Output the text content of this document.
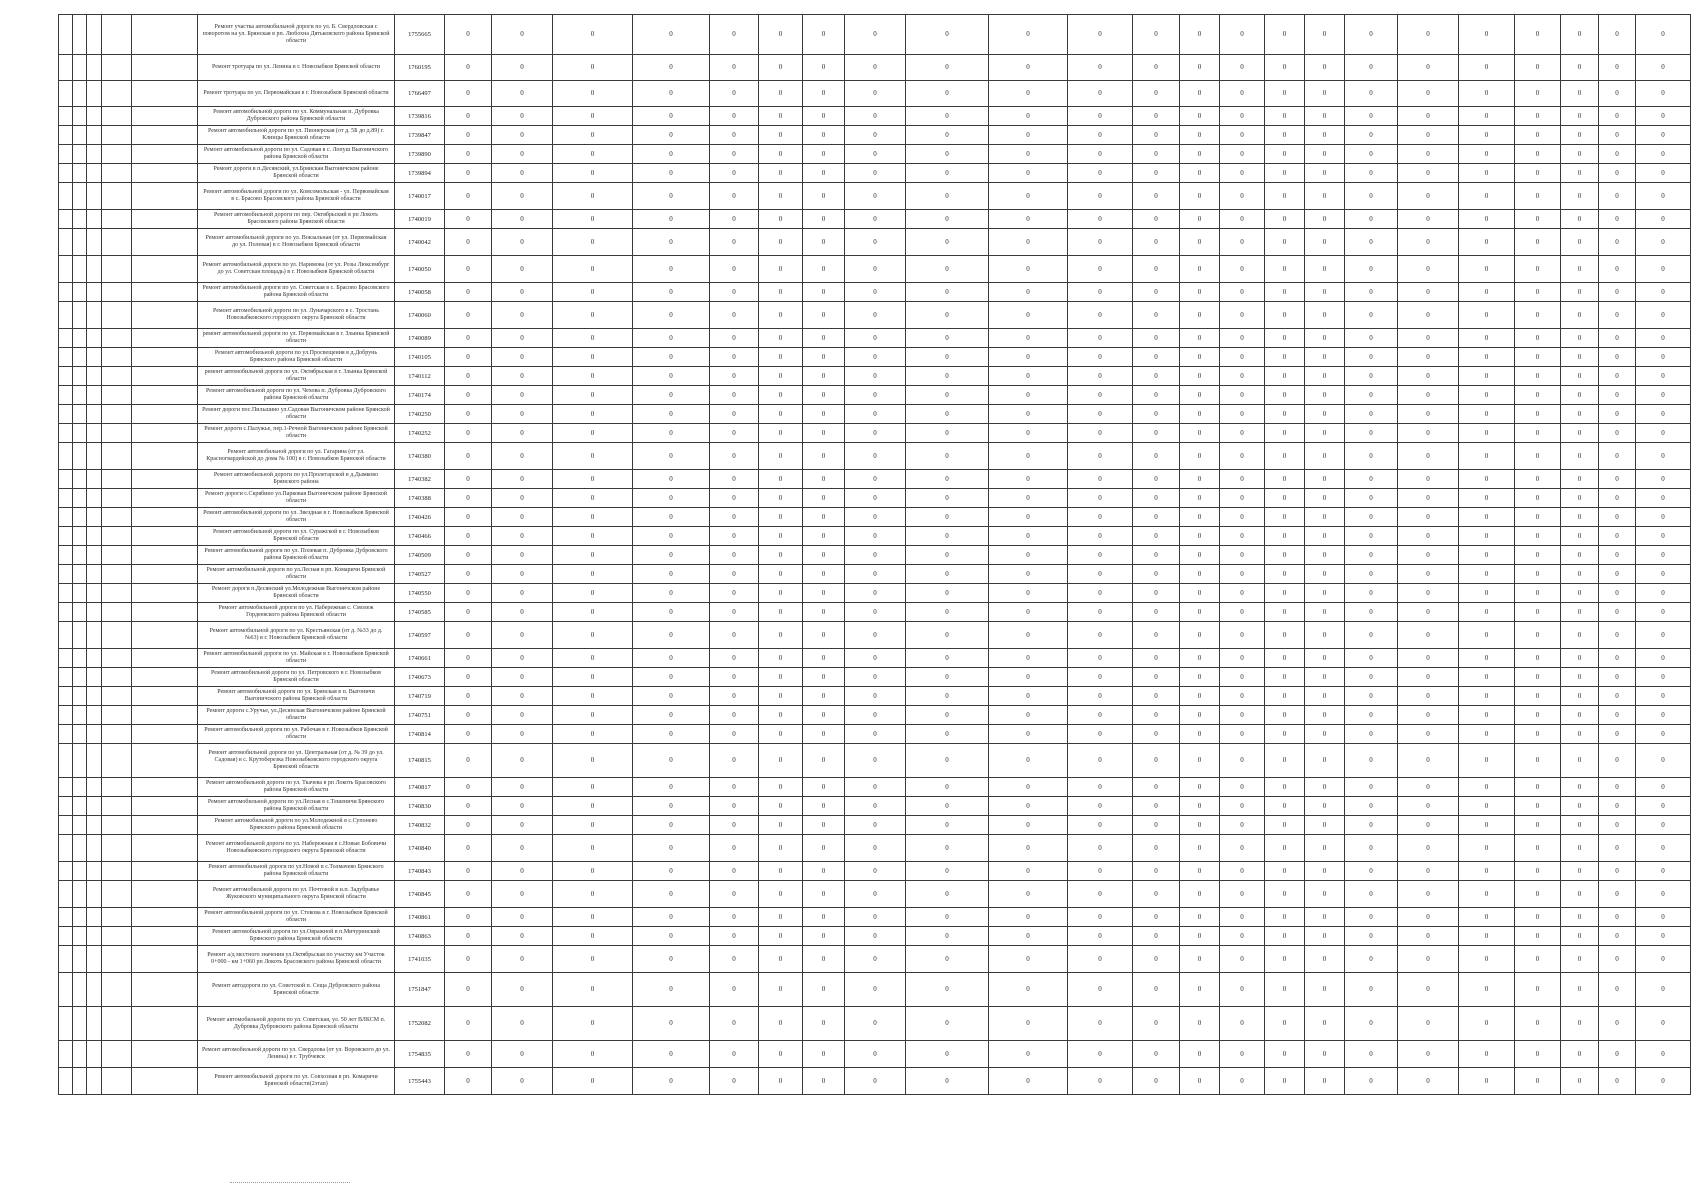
					Ремонт участка автомобильной дороги по ул. Б. Свердловская с поворотом на ул. Брянская в рп. Любохна Дятьковского района Брянской области	1755665	0	0	0	0	0	0	0	0	0	0	0	0	0	0	0	0	0	0	0	0	0	0	0
					Ремонт тротуара по ул. Ленина в г. Новозыбков Брянской области	1760195	0	0	0	0	0	0	0	0	0	0	0	0	0	0	0	0	0	0	0	0	0	0	0
					Ремонт тротуара по ул. Первомайская в г. Новозыбков Брянской области	1766497	0	0	0	0	0	0	0	0	0	0	0	0	0	0	0	0	0	0	0	0	0	0	0
					Ремонт автомобильной дороги по ул. Коммунальная п. Дубровка Дубровского района Брянской области	1739816	0	0	0	0	0	0	0	0	0	0	0	0	0	0	0	0	0	0	0	0	0	0	0
					Ремонт автомобильной дороги по ул. Пионерская (от д. 5Б до д.89) г. Клинцы Брянской области	1739847	0	0	0	0	0	0	0	0	0	0	0	0	0	0	0	0	0	0	0	0	0	0	0
					Ремонт автомобильной дороги по ул. Садовая в с. Лопуш Выгоничского района Брянской области	1739890	0	0	0	0	0	0	0	0	0	0	0	0	0	0	0	0	0	0	0	0	0	0	0
					Ремонт дороги в п.Десянский, ул.Брянская Выгоничском районе Брянской области	1739894	0	0	0	0	0	0	0	0	0	0	0	0	0	0	0	0	0	0	0	0	0	0	0
					Ремонт автомобильной дороги по ул. Комсомольская - ул. Первомайская в с. Брасово Брасовского района Брянской области	1740017	0	0	0	0	0	0	0	0	0	0	0	0	0	0	0	0	0	0	0	0	0	0	0
					Ремонт автомобильной дороги по пер. Октябрьский в рп Локоть Брасовского района Брянской области	1740019	0	0	0	0	0	0	0	0	0	0	0	0	0	0	0	0	0	0	0	0	0	0	0
					Ремонт автомобильной дороги по ул. Вокзальная (от ул. Первомайская до ул. Полевая) в г. Новозыбков Брянской области	1740042	0	0	0	0	0	0	0	0	0	0	0	0	0	0	0	0	0	0	0	0	0	0	0
					Ремонт автомобильной дороги по ул. Наримова (от ул. Розы Люксембург до ул. Советская площадь) в г. Новозыбков Брянской области	1740050	0	0	0	0	0	0	0	0	0	0	0	0	0	0	0	0	0	0	0	0	0	0	0
					Ремонт автомобильной дороги по ул. Советская в с. Брасово Брасовского района Брянской области	1740058	0	0	0	0	0	0	0	0	0	0	0	0	0	0	0	0	0	0	0	0	0	0	0
					Ремонт автомобильной дороги по ул. Луначарского в с. Тростань Новозыбковского городского округа Брянской области	1740060	0	0	0	0	0	0	0	0	0	0	0	0	0	0	0	0	0	0	0	0	0	0	0
					ремонт автомобильной дороги по ул. Первомайская в г. Злынка Брянской области	1740089	0	0	0	0	0	0	0	0	0	0	0	0	0	0	0	0	0	0	0	0	0	0	0
					Ремонт автомобильной дороги по ул.Просвещения в д.Добрунь Брянского района Брянской области	1740105	0	0	0	0	0	0	0	0	0	0	0	0	0	0	0	0	0	0	0	0	0	0	0
					ремонт автомобильной дороги по ул. Октябрьская в г. Злынка Брянской области	1740112	0	0	0	0	0	0	0	0	0	0	0	0	0	0	0	0	0	0	0	0	0	0	0
					Ремонт автомобильной дороги по ул. Чехова п. Дубровка Дубровского района Брянской области	1740174	0	0	0	0	0	0	0	0	0	0	0	0	0	0	0	0	0	0	0	0	0	0	0
					Ремонт дороги пос.Пильшино ул.Садовая Выгоничском районе Брянской области	1740250	0	0	0	0	0	0	0	0	0	0	0	0	0	0	0	0	0	0	0	0	0	0	0
					Ремонт дороги с.Палужье, пер.1-Речной Выгоничском районе Брянской области	1740252	0	0	0	0	0	0	0	0	0	0	0	0	0	0	0	0	0	0	0	0	0	0	0
					Ремонт автомобильной дороги по ул. Гагарина (от ул. Красногвардейской до дома № 100) в г. Новозыбков Брянской области	1740380	0	0	0	0	0	0	0	0	0	0	0	0	0	0	0	0	0	0	0	0	0	0	0
					Ремонт автомобильной дороги по ул.Пролетарской в д.Дымково Брянского района	1740382	0	0	0	0	0	0	0	0	0	0	0	0	0	0	0	0	0	0	0	0	0	0	0
					Ремонт дороги с.Скрябино ул.Парковая Выгоничском районе Брянской области	1740388	0	0	0	0	0	0	0	0	0	0	0	0	0	0	0	0	0	0	0	0	0	0	0
					Ремонт автомобильной дороги по ул. Звездная в г. Новозыбков Брянской области	1740426	0	0	0	0	0	0	0	0	0	0	0	0	0	0	0	0	0	0	0	0	0	0	0
					Ремонт автомобильной дороги по ул. Суражской в г. Новозыбков Брянской области	1740466	0	0	0	0	0	0	0	0	0	0	0	0	0	0	0	0	0	0	0	0	0	0	0
					Ремонт автомобильной дороги по ул. Полевая п. Дубровка Дубровского района Брянской области	1740509	0	0	0	0	0	0	0	0	0	0	0	0	0	0	0	0	0	0	0	0	0	0	0
					Ремонт автомобильной дороги по ул.Лесная в рп. Комаричи Брянской области	1740527	0	0	0	0	0	0	0	0	0	0	0	0	0	0	0	0	0	0	0	0	0	0	0
					Ремонт дороги п.Десянский ул.Молодежная Выгоничском районе Брянской области	1740550	0	0	0	0	0	0	0	0	0	0	0	0	0	0	0	0	0	0	0	0	0	0	0
					Ремонт автомобильной дороги по ул. Набережная с. Смолеж Гордеевского района Брянской области	1740585	0	0	0	0	0	0	0	0	0	0	0	0	0	0	0	0	0	0	0	0	0	0	0
					Ремонт автомобильной дороги по ул. Крестьянская (от д. №33 до д. №63) в г. Новозыбков Брянской области	1740597	0	0	0	0	0	0	0	0	0	0	0	0	0	0	0	0	0	0	0	0	0	0	0
					Ремонт автомобильной дороги по ул. Майская в г. Новозыбков Брянской области	1740661	0	0	0	0	0	0	0	0	0	0	0	0	0	0	0	0	0	0	0	0	0	0	0
					Ремонт автомобильной дороги по ул. Петровского в г. Новозыбков Брянской области	1740673	0	0	0	0	0	0	0	0	0	0	0	0	0	0	0	0	0	0	0	0	0	0	0
					Ремонт автомобильной дороги по ул. Брянская в п. Выгоничи Выгоничского района Брянской области	1740719	0	0	0	0	0	0	0	0	0	0	0	0	0	0	0	0	0	0	0	0	0	0	0
					Ремонт дороги с.Уручье, ул.Десянская Выгоничском районе Брянской области	1740751	0	0	0	0	0	0	0	0	0	0	0	0	0	0	0	0	0	0	0	0	0	0	0
					Ремонт автомобильной дороги по ул. Рабочая в г. Новозыбков Брянской области	1740814	0	0	0	0	0	0	0	0	0	0	0	0	0	0	0	0	0	0	0	0	0	0	0
					Ремонт автомобильной дороги по ул. Центральная (от д. № 39 до ул. Садовая) в с. Крутоберезка Новозыбковского городского округа Брянской области	1740815	0	0	0	0	0	0	0	0	0	0	0	0	0	0	0	0	0	0	0	0	0	0	0
					Ремонт автомобильной дороги по ул. Ткачева в рп Локоть Брасовского района Брянской области	1740817	0	0	0	0	0	0	0	0	0	0	0	0	0	0	0	0	0	0	0	0	0	0	0
					Ремонт автомобильной дороги по ул.Лесная в с.Тешеничи Брянского района Брянской области	1740830	0	0	0	0	0	0	0	0	0	0	0	0	0	0	0	0	0	0	0	0	0	0	0
					Ремонт автомобильной дороги по ул.Молодежной в с.Супонево Брянского района Брянской области	1740832	0	0	0	0	0	0	0	0	0	0	0	0	0	0	0	0	0	0	0	0	0	0	0
					Ремонт автомобильной дороги по ул. Набережная в с.Новые Бобовичи Новозыбковского городского округа Брянской области	1740840	0	0	0	0	0	0	0	0	0	0	0	0	0	0	0	0	0	0	0	0	0	0	0
					Ремонт автомобильной дороги по ул.Новой в с.Толмачево Брянского района Брянской области	1740843	0	0	0	0	0	0	0	0	0	0	0	0	0	0	0	0	0	0	0	0	0	0	0
					Ремонт автомобильной дороги по ул. Почтовой в н.п. Задубравье Жуковского муниципального округа Брянской области	1740845	0	0	0	0	0	0	0	0	0	0	0	0	0	0	0	0	0	0	0	0	0	0	0
					Ремонт автомобильной дороги по ул. Стекова в г. Новозыбков Брянской области	1740861	0	0	0	0	0	0	0	0	0	0	0	0	0	0	0	0	0	0	0	0	0	0	0
					Ремонт автомобильной дороги по ул.Овражной в п.Мичуринский Брянского района Брянской области	1740863	0	0	0	0	0	0	0	0	0	0	0	0	0	0	0	0	0	0	0	0	0	0	0
					Ремонт а/д местного значения ул.Октябрьская по участку км Участок 0+000 - км 1+060 рп Локоть Брасовского района Брянской области	1741035	0	0	0	0	0	0	0	0	0	0	0	0	0	0	0	0	0	0	0	0	0	0	0
					Ремонт автодороги по ул. Советской п. Сеща Дубровского района Брянской области	1751847	0	0	0	0	0	0	0	0	0	0	0	0	0	0	0	0	0	0	0	0	0	0	0
					Ремонт автомобильной дороги по ул. Советская, ул. 50 лет ВЛКСМ п. Дубровка Дубровского района Брянской области	1752082	0	0	0	0	0	0	0	0	0	0	0	0	0	0	0	0	0	0	0	0	0	0	0
					Ремонт автомобильной дороги по ул. Свердлова (от ул. Воровского до ул. Ленина) в г. Трубчевск	1754835	0	0	0	0	0	0	0	0	0	0	0	0	0	0	0	0	0	0	0	0	0	0	0
					Ремонт автомобильной дороги по ул. Совхозная в рп. Комаричи Брянской области(2этап)	1755443	0	0	0	0	0	0	0	0	0	0	0	0	0	0	0	0	0	0	0	0	0	0	0
